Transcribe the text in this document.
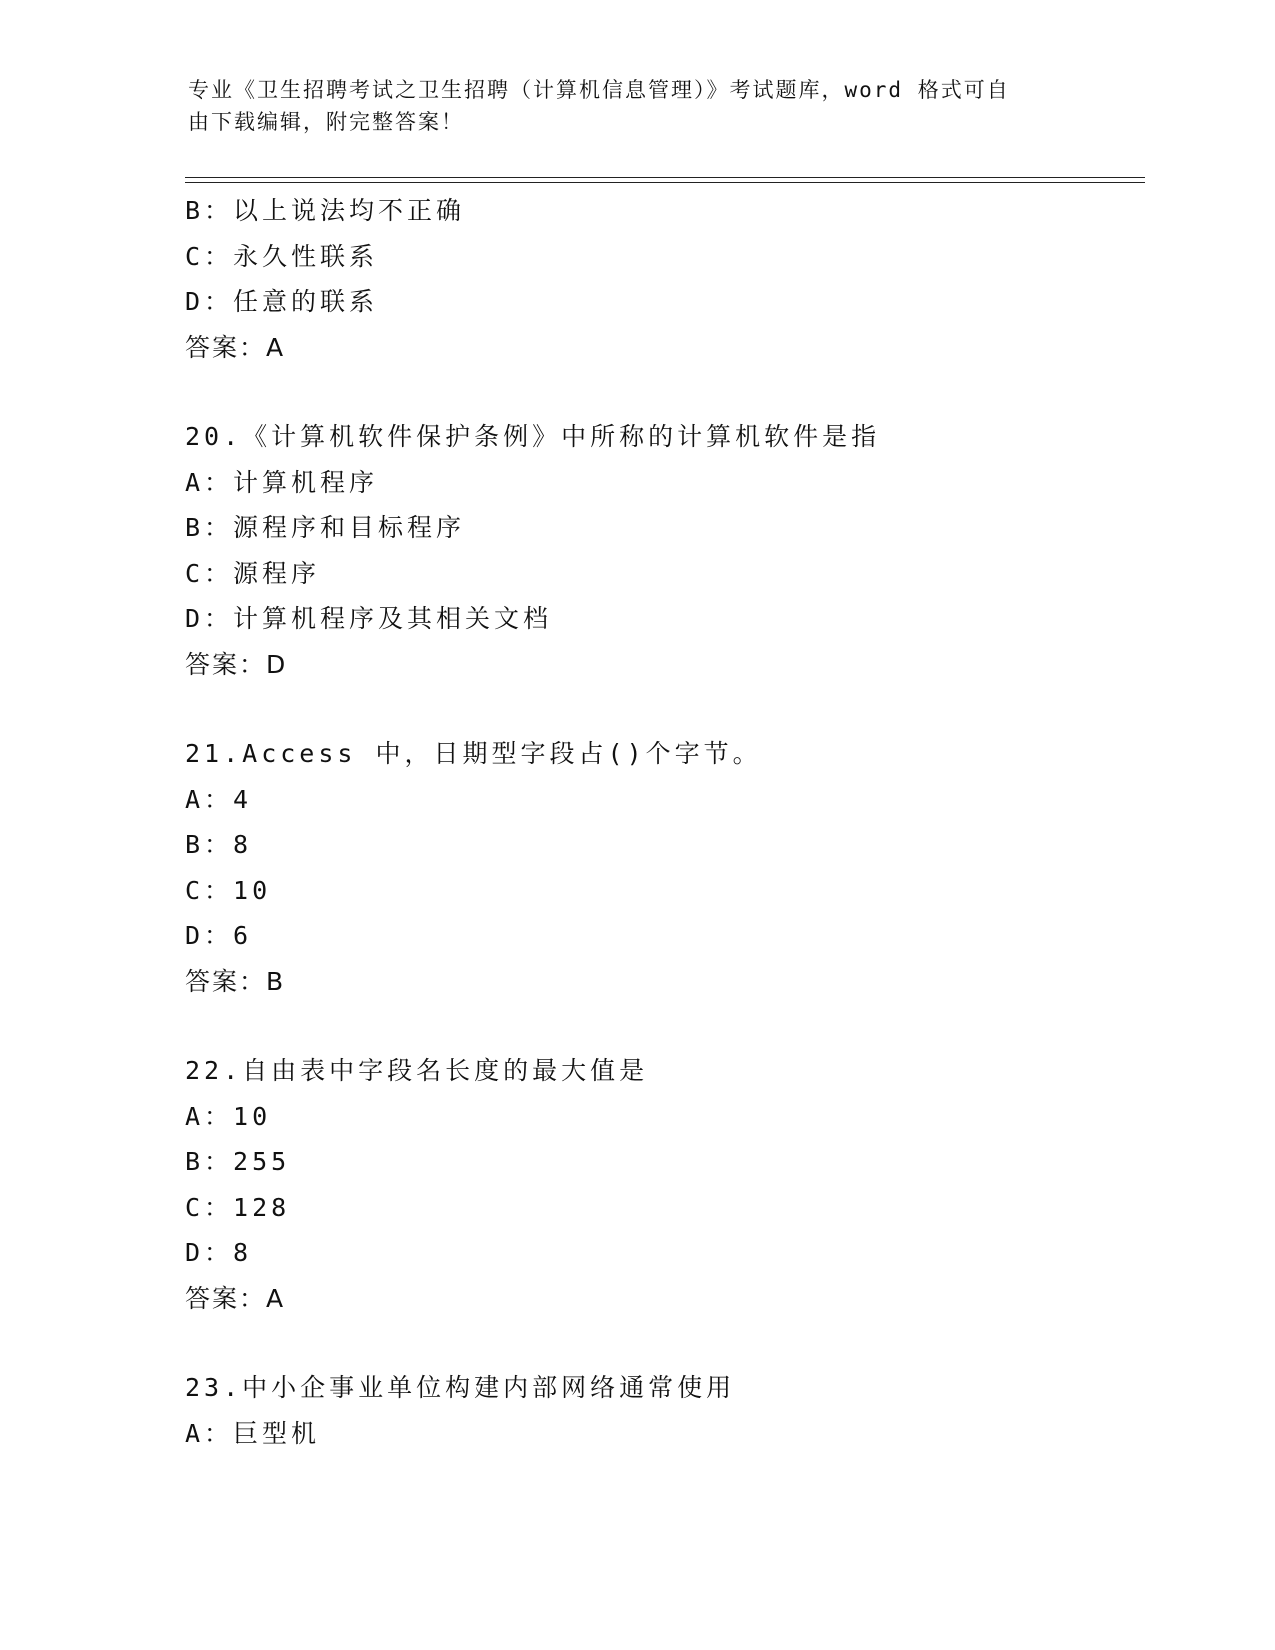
专业《卫生招聘考试之卫生招聘（计算机信息管理）》考试题库，word 格式可自
由下载编辑，附完整答案！
B：以上说法均不正确
C：永久性联系
D：任意的联系
答案：A
20.《计算机软件保护条例》中所称的计算机软件是指
A：计算机程序
B：源程序和目标程序
C：源程序
D：计算机程序及其相关文档
答案：D
21.Access 中，日期型字段占()个字节。
A：4
B：8
C：10
D：6
答案：B
22.自由表中字段名长度的最大值是
A：10
B：255
C：128
D：8
答案：A
23.中小企事业单位构建内部网络通常使用
A：巨型机
